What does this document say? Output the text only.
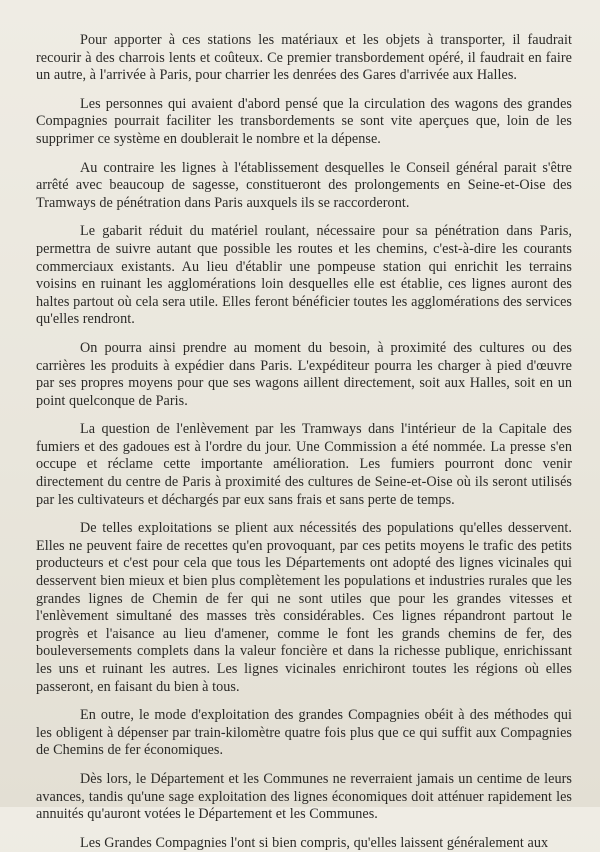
Pour apporter à ces stations les matériaux et les objets à transporter, il faudrait recourir à des charrois lents et coûteux. Ce premier transbordement opéré, il faudrait en faire un autre, à l'arrivée à Paris, pour charrier les denrées des Gares d'arrivée aux Halles.

Les personnes qui avaient d'abord pensé que la circulation des wagons des grandes Compagnies pourrait faciliter les transbordements se sont vite aperçues que, loin de les supprimer ce système en doublerait le nombre et la dépense.

Au contraire les lignes à l'établissement desquelles le Conseil général parait s'être arrêté avec beaucoup de sagesse, constitueront des prolongements en Seine-et-Oise des Tramways de pénétration dans Paris auxquels ils se raccorderont.

Le gabarit réduit du matériel roulant, nécessaire pour sa pénétration dans Paris, permettra de suivre autant que possible les routes et les chemins, c'est-à-dire les courants commerciaux existants. Au lieu d'établir une pompeuse station qui enrichit les terrains voisins en ruinant les agglomérations loin desquelles elle est établie, ces lignes auront des haltes partout où cela sera utile. Elles feront bénéficier toutes les agglomérations des services qu'elles rendront.

On pourra ainsi prendre au moment du besoin, à proximité des cultures ou des carrières les produits à expédier dans Paris. L'expéditeur pourra les charger à pied d'œuvre par ses propres moyens pour que ses wagons aillent directement, soit aux Halles, soit en un point quelconque de Paris.

La question de l'enlèvement par les Tramways dans l'intérieur de la Capitale des fumiers et des gadoues est à l'ordre du jour. Une Commission a été nommée. La presse s'en occupe et réclame cette importante amélioration. Les fumiers pourront donc venir directement du centre de Paris à proximité des cultures de Seine-et-Oise où ils seront utilisés par les cultivateurs et déchargés par eux sans frais et sans perte de temps.

De telles exploitations se plient aux nécessités des populations qu'elles desservent. Elles ne peuvent faire de recettes qu'en provoquant, par ces petits moyens le trafic des petits producteurs et c'est pour cela que tous les Départements ont adopté des lignes vicinales qui desservent bien mieux et bien plus complètement les populations et industries rurales que les grandes lignes de Chemin de fer qui ne sont utiles que pour les grandes vitesses et l'enlèvement simultané des masses très considérables. Ces lignes répandront partout le progrès et l'aisance au lieu d'amener, comme le font les grands chemins de fer, des bouleversements complets dans la valeur foncière et dans la richesse publique, enrichissant les uns et ruinant les autres. Les lignes vicinales enrichiront toutes les régions où elles passeront, en faisant du bien à tous.

En outre, le mode d'exploitation des grandes Compagnies obéit à des méthodes qui les obligent à dépenser par train-kilomètre quatre fois plus que ce qui suffit aux Compagnies de Chemins de fer économiques.

Dès lors, le Département et les Communes ne reverraient jamais un centime de leurs avances, tandis qu'une sage exploitation des lignes économiques doit atténuer rapidement les annuités qu'auront votées le Département et les Communes.

Les Grandes Compagnies l'ont si bien compris, qu'elles laissent généralement aux
